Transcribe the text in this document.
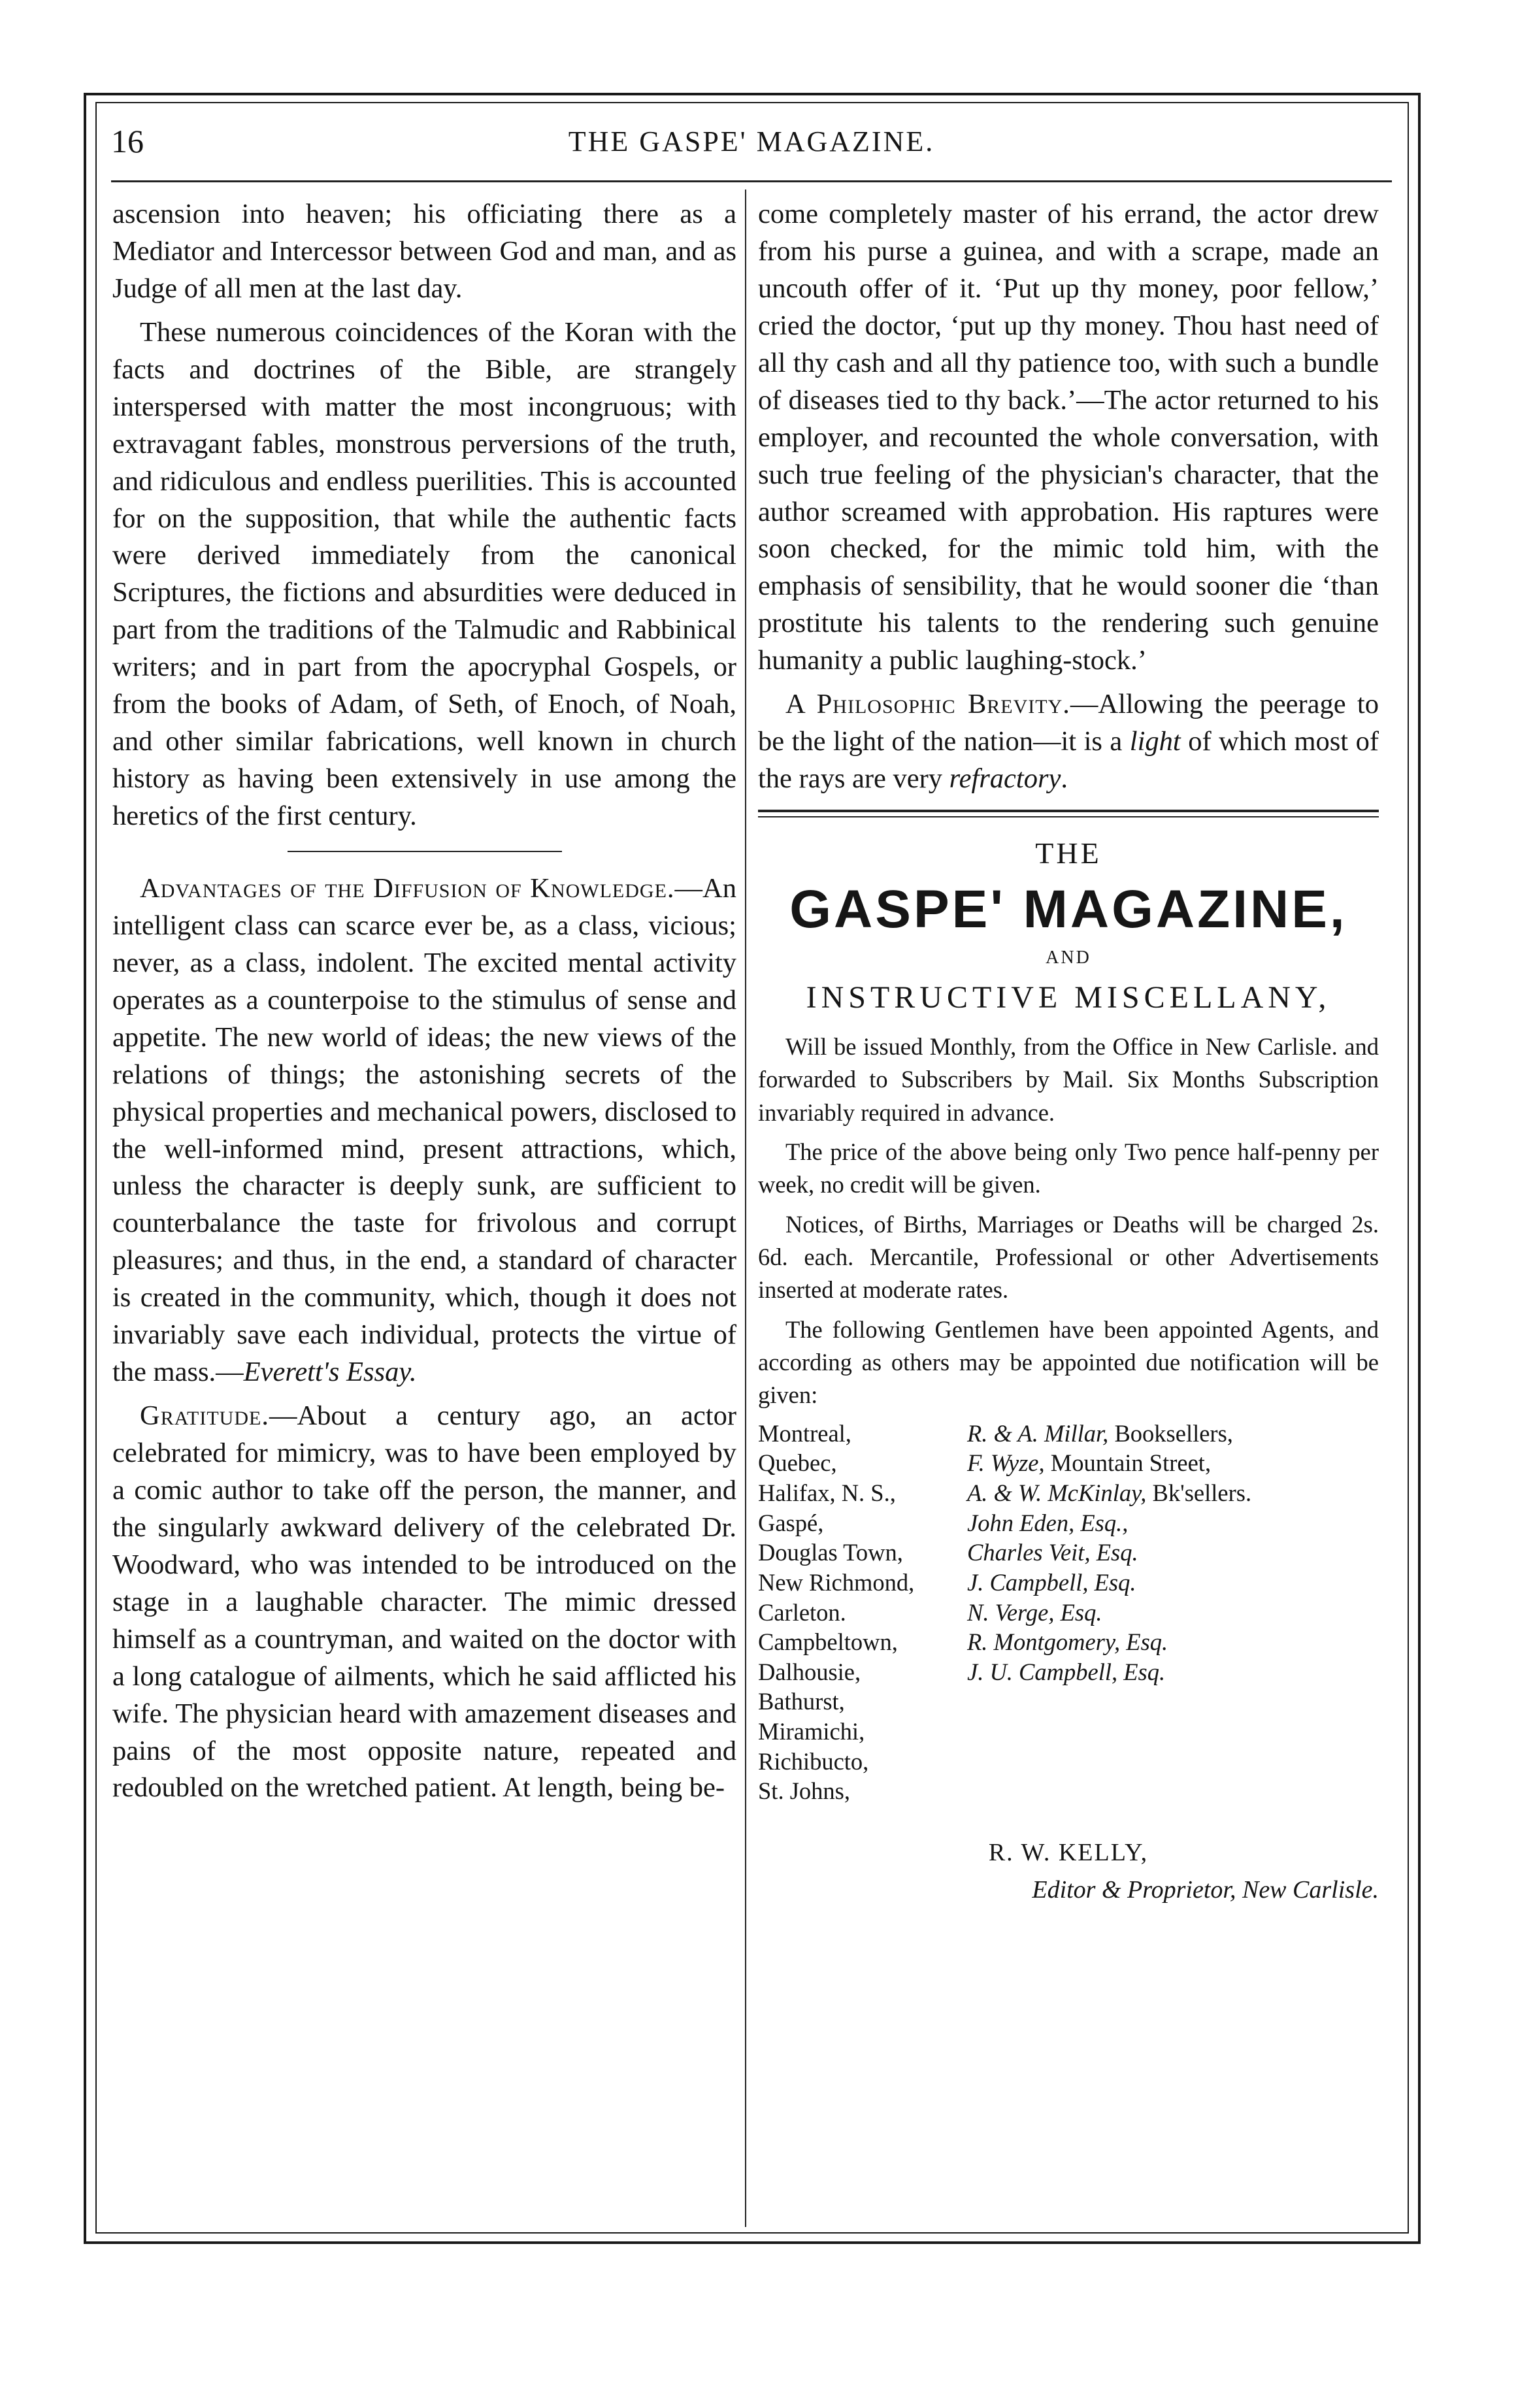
16	THE GASPE' MAGAZINE.

ascension into heaven; his officiating there as a Mediator and Intercessor between God and man, and as Judge of all men at the last day.

These numerous coincidences of the Koran with the facts and doctrines of the Bible, are strangely interspersed with matter the most incongruous; with extravagant fables, monstrous perversions of the truth, and ridiculous and endless puerilities. This is accounted for on the supposition, that while the authentic facts were derived immediately from the canonical Scriptures, the fictions and absurdities were deduced in part from the traditions of the Talmudic and Rabbinical writers; and in part from the apocryphal Gospels, or from the books of Adam, of Seth, of Enoch, of Noah, and other similar fabrications, well known in church history as having been extensively in use among the heretics of the first century.

Advantages of the Diffusion of Knowledge.—An intelligent class can scarce ever be, as a class, vicious; never, as a class, indolent. The excited mental activity operates as a counterpoise to the stimulus of sense and appetite. The new world of ideas; the new views of the relations of things; the astonishing secrets of the physical properties and mechanical powers, disclosed to the well-informed mind, present attractions, which, unless the character is deeply sunk, are sufficient to counterbalance the taste for frivolous and corrupt pleasures; and thus, in the end, a standard of character is created in the community, which, though it does not invariably save each individual, protects the virtue of the mass.—Everett's Essay.

Gratitude.—About a century ago, an actor celebrated for mimicry, was to have been employed by a comic author to take off the person, the manner, and the singularly awkward delivery of the celebrated Dr. Woodward, who was intended to be introduced on the stage in a laughable character. The mimic dressed himself as a countryman, and waited on the doctor with a long catalogue of ailments, which he said afflicted his wife. The physician heard with amazement diseases and pains of the most opposite nature, repeated and redoubled on the wretched patient. At length, being be-

come completely master of his errand, the actor drew from his purse a guinea, and with a scrape, made an uncouth offer of it. ‘Put up thy money, poor fellow,’ cried the doctor, ‘put up thy money. Thou hast need of all thy cash and all thy patience too, with such a bundle of diseases tied to thy back.’—The actor returned to his employer, and recounted the whole conversation, with such true feeling of the physician's character, that the author screamed with approbation. His raptures were soon checked, for the mimic told him, with the emphasis of sensibility, that he would sooner die ‘than prostitute his talents to the rendering such genuine humanity a public laughing-stock.’

A Philosophic Brevity.—Allowing the peerage to be the light of the nation—it is a light of which most of the rays are very refractory.

THE
GASPE' MAGAZINE,
AND
INSTRUCTIVE MISCELLANY,

Will be issued Monthly, from the Office in New Carlisle. and forwarded to Subscribers by Mail. Six Months Subscription invariably required in advance.

The price of the above being only Two pence half-penny per week, no credit will be given.

Notices, of Births, Marriages or Deaths will be charged 2s. 6d. each. Mercantile, Professional or other Advertisements inserted at moderate rates.

The following Gentlemen have been appointed Agents, and according as others may be appointed due notification will be given:

Montreal,	R. & A. Millar, Booksellers,
Quebec,	F. Wyze, Mountain Street,
Halifax, N. S.,	A. & W. McKinlay, Bk'sellers.
Gaspé,	John Eden, Esq.,
Douglas Town,	Charles Veit, Esq.
New Richmond,	J. Campbell, Esq.
Carleton.	N. Verge, Esq.
Campbeltown,	R. Montgomery, Esq.
Dalhousie,	J. U. Campbell, Esq.
Bathurst,	
Miramichi,	
Richibucto,	
St. Johns,	
R. W. KELLY,
Editor & Proprietor, New Carlisle.
